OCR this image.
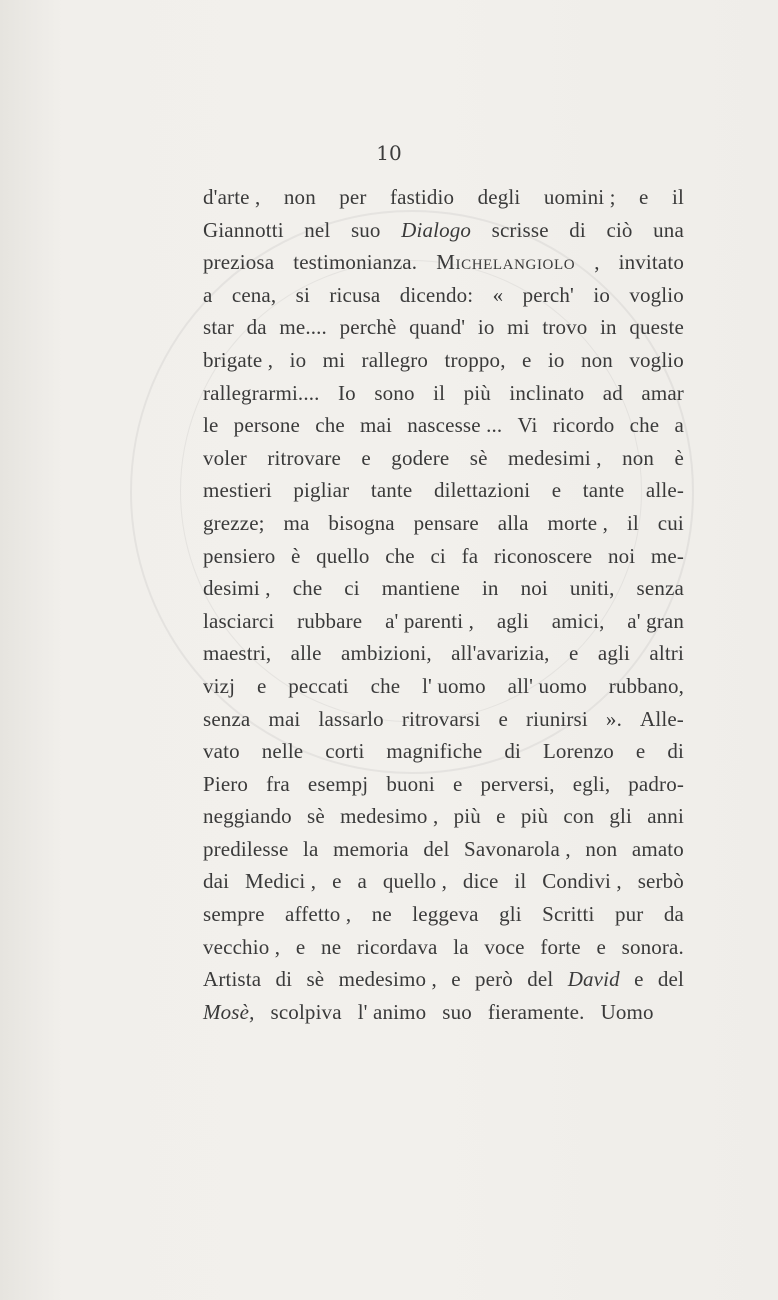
10
d'arte , non per fastidio degli uomini ; e il
Giannotti nel suo Dialogo scrisse di ciò una
preziosa testimonianza. Michelangiolo , invitato
a cena, si ricusa dicendo: « perch' io voglio
star da me.... perchè quand' io mi trovo in queste
brigate , io mi rallegro troppo, e io non voglio
rallegrarmi.... Io sono il più inclinato ad amar
le persone che mai nascesse ... Vi ricordo che a
voler ritrovare e godere sè medesimi , non è
mestieri pigliar tante dilettazioni e tante alle-
grezze; ma bisogna pensare alla morte , il cui
pensiero è quello che ci fa riconoscere noi me-
desimi , che ci mantiene in noi uniti, senza
lasciarci rubbare a' parenti , agli amici, a' gran
maestri, alle ambizioni, all'avarizia, e agli altri
vizj e peccati che l' uomo all' uomo rubbano,
senza mai lassarlo ritrovarsi e riunirsi ». Alle-
vato nelle corti magnifiche di Lorenzo e di
Piero fra esempj buoni e perversi, egli, padro-
neggiando sè medesimo , più e più con gli anni
predilesse la memoria del Savonarola , non amato
dai Medici , e a quello , dice il Condivi , serbò
sempre affetto , ne leggeva gli Scritti pur da
vecchio , e ne ricordava la voce forte e sonora.
Artista di sè medesimo , e però del David e del
Mosè, scolpiva l' animo suo fieramente. Uomo
